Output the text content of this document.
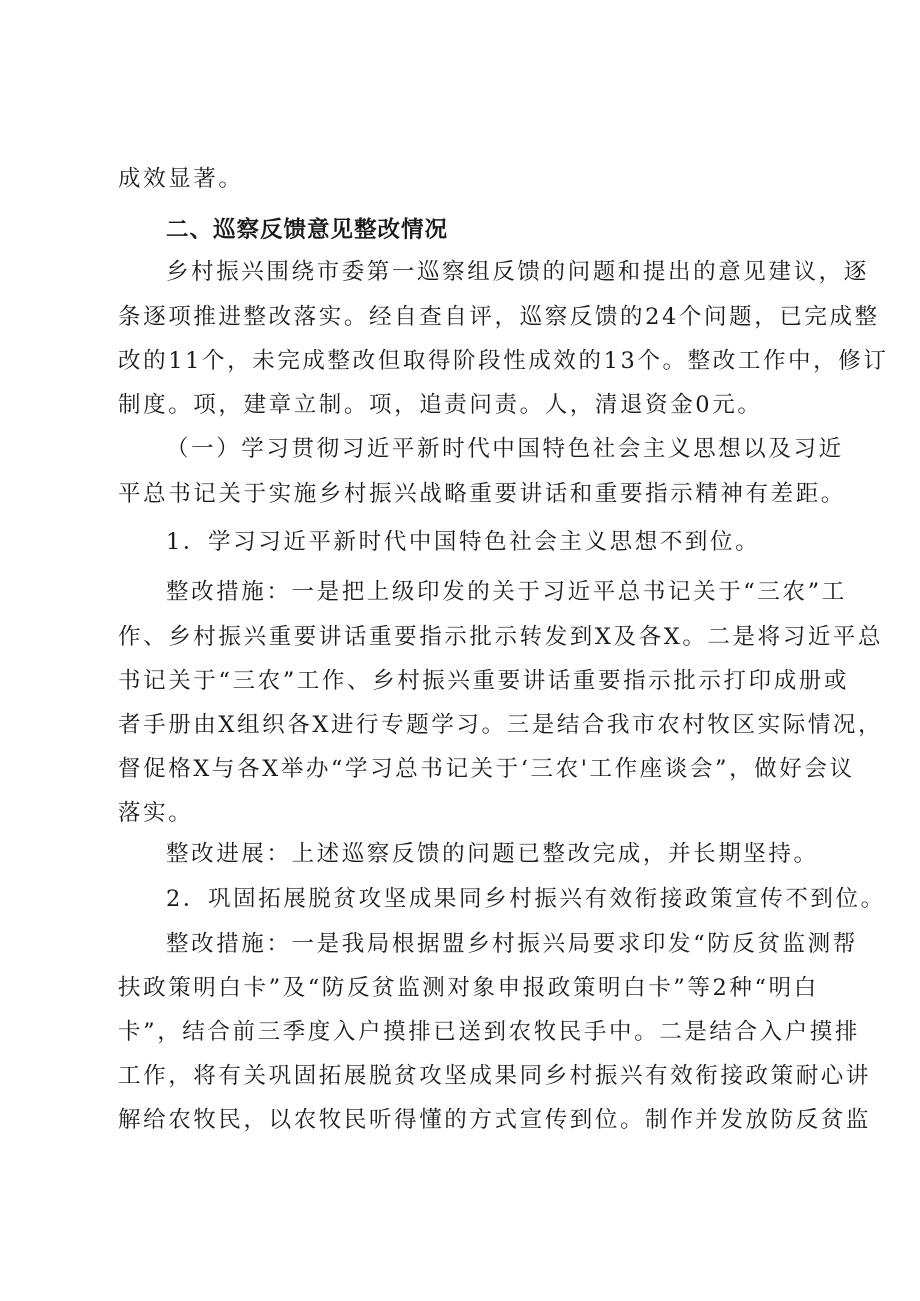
成效显著。
二、巡察反馈意见整改情况
乡村振兴围绕市委第一巡察组反馈的问题和提出的意见建议，逐
条逐项推进整改落实。经自查自评，巡察反馈的24个问题，已完成整
改的11个，未完成整改但取得阶段性成效的13个。整改工作中，修订
制度。项，建章立制。项，追责问责。人，清退资金0元。
（一）学习贯彻习近平新时代中国特色社会主义思想以及习近
平总书记关于实施乡村振兴战略重要讲话和重要指示精神有差距。
1．学习习近平新时代中国特色社会主义思想不到位。
整改措施：一是把上级印发的关于习近平总书记关于“三农”工
作、乡村振兴重要讲话重要指示批示转发到X及各X。二是将习近平总
书记关于“三农”工作、乡村振兴重要讲话重要指示批示打印成册或
者手册由X组织各X进行专题学习。三是结合我市农村牧区实际情况，
督促格X与各X举办“学习总书记关于‘三农'工作座谈会”，做好会议
落实。
整改进展：上述巡察反馈的问题已整改完成，并长期坚持。
2．巩固拓展脱贫攻坚成果同乡村振兴有效衔接政策宣传不到位。
整改措施：一是我局根据盟乡村振兴局要求印发“防反贫监测帮
扶政策明白卡”及“防反贫监测对象申报政策明白卡”等2种“明白
卡”，结合前三季度入户摸排已送到农牧民手中。二是结合入户摸排
工作，将有关巩固拓展脱贫攻坚成果同乡村振兴有效衔接政策耐心讲
解给农牧民，以农牧民听得懂的方式宣传到位。制作并发放防反贫监
